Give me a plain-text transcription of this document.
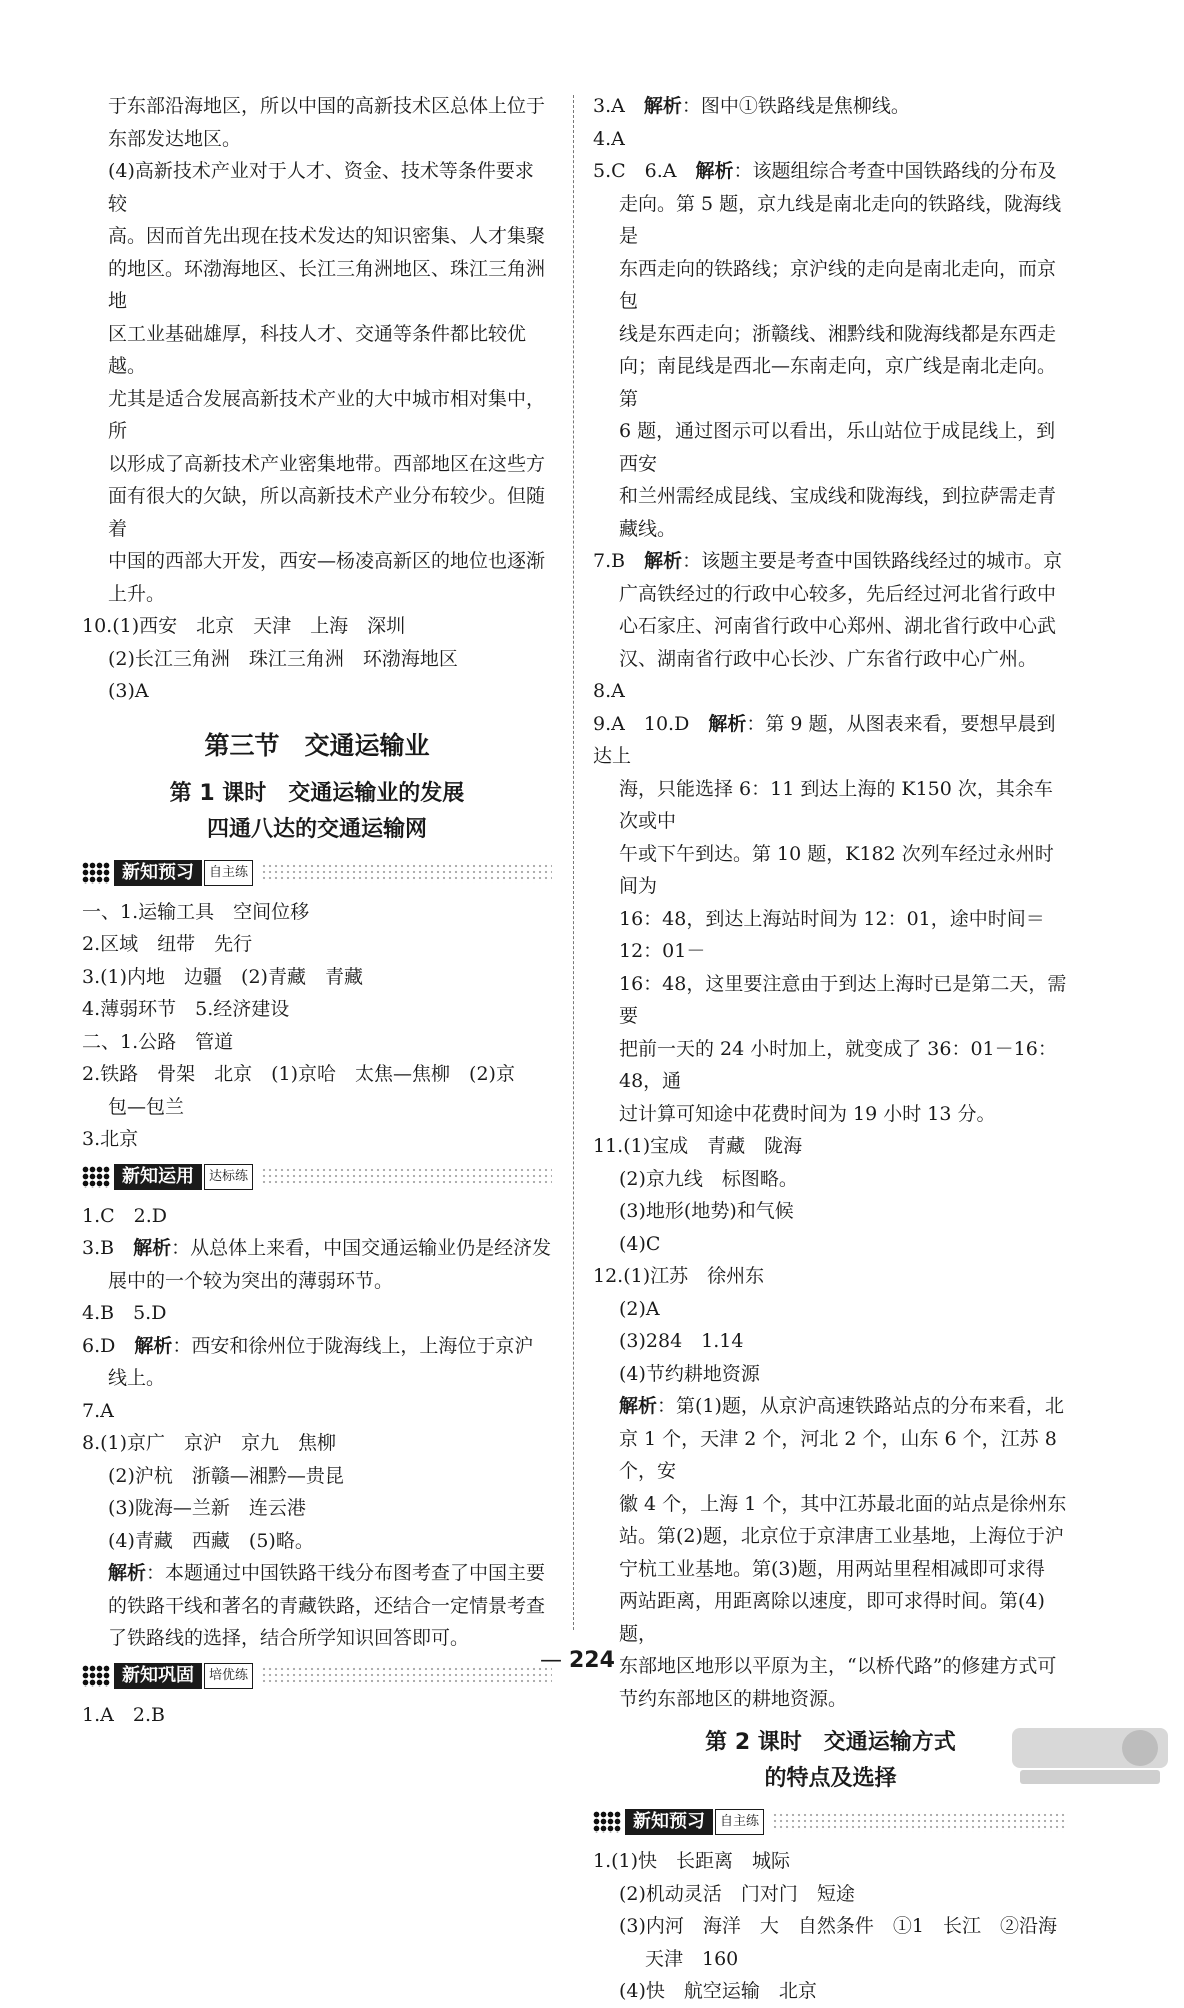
于东部沿海地区，所以中国的高新技术区总体上位于

东部发达地区。

(4)高新技术产业对于人才、资金、技术等条件要求较

高。因而首先出现在技术发达的知识密集、人才集聚

的地区。环渤海地区、长江三角洲地区、珠江三角洲地

区工业基础雄厚，科技人才、交通等条件都比较优越。

尤其是适合发展高新技术产业的大中城市相对集中，所

以形成了高新技术产业密集地带。西部地区在这些方

面有很大的欠缺，所以高新技术产业分布较少。但随着

中国的西部大开发，西安—杨凌高新区的地位也逐渐

上升。

10.(1)西安　北京　天津　上海　深圳

(2)长江三角洲　珠江三角洲　环渤海地区

(3)A

第三节　交通运输业
第 1 课时　交通运输业的发展
四通八达的交通运输网
新知预习	自主练

一、1.运输工具　空间位移

2.区域　纽带　先行

3.(1)内地　边疆　(2)青藏　青藏

4.薄弱环节　5.经济建设

二、1.公路　管道

2.铁路　骨架　北京　(1)京哈　太焦—焦柳　(2)京

包—包兰

3.北京

新知运用	达标练

1.C　2.D

3.B　解析：从总体上来看，中国交通运输业仍是经济发

展中的一个较为突出的薄弱环节。

4.B　5.D

6.D　解析：西安和徐州位于陇海线上，上海位于京沪

线上。

7.A

8.(1)京广　京沪　京九　焦柳

(2)沪杭　浙赣—湘黔—贵昆

(3)陇海—兰新　连云港

(4)青藏　西藏　(5)略。

解析：本题通过中国铁路干线分布图考查了中国主要

的铁路干线和著名的青藏铁路，还结合一定情景考查

了铁路线的选择，结合所学知识回答即可。

新知巩固	培优练

1.A　2.B

3.A　解析：图中①铁路线是焦柳线。

4.A

5.C　6.A　解析：该题组综合考查中国铁路线的分布及

走向。第 5 题，京九线是南北走向的铁路线，陇海线是

东西走向的铁路线；京沪线的走向是南北走向，而京包

线是东西走向；浙赣线、湘黔线和陇海线都是东西走

向；南昆线是西北—东南走向，京广线是南北走向。第

6 题，通过图示可以看出，乐山站位于成昆线上，到西安

和兰州需经成昆线、宝成线和陇海线，到拉萨需走青

藏线。

7.B　解析：该题主要是考查中国铁路线经过的城市。京

广高铁经过的行政中心较多，先后经过河北省行政中

心石家庄、河南省行政中心郑州、湖北省行政中心武

汉、湖南省行政中心长沙、广东省行政中心广州。

8.A

9.A　10.D　解析：第 9 题，从图表来看，要想早晨到达上

海，只能选择 6：11 到达上海的 K150 次，其余车次或中

午或下午到达。第 10 题，K182 次列车经过永州时间为

16：48，到达上海站时间为 12：01，途中时间＝12：01－

16：48，这里要注意由于到达上海时已是第二天，需要

把前一天的 24 小时加上，就变成了 36：01－16：48，通

过计算可知途中花费时间为 19 小时 13 分。

11.(1)宝成　青藏　陇海

(2)京九线　标图略。

(3)地形(地势)和气候

(4)C

12.(1)江苏　徐州东

(2)A

(3)284　1.14

(4)节约耕地资源

解析：第(1)题，从京沪高速铁路站点的分布来看，北

京 1 个，天津 2 个，河北 2 个，山东 6 个，江苏 8 个，安

徽 4 个，上海 1 个，其中江苏最北面的站点是徐州东

站。第(2)题，北京位于京津唐工业基地，上海位于沪

宁杭工业基地。第(3)题，用两站里程相减即可求得

两站距离，用距离除以速度，即可求得时间。第(4)题，

东部地区地形以平原为主，“以桥代路”的修建方式可

节约东部地区的耕地资源。

第 2 课时　交通运输方式
的特点及选择
新知预习	自主练

1.(1)快　长距离　城际

(2)机动灵活　门对门　短途

(3)内河　海洋　大　自然条件　①1　长江　②沿海

天津　160

(4)快　航空运输　北京

— 224
